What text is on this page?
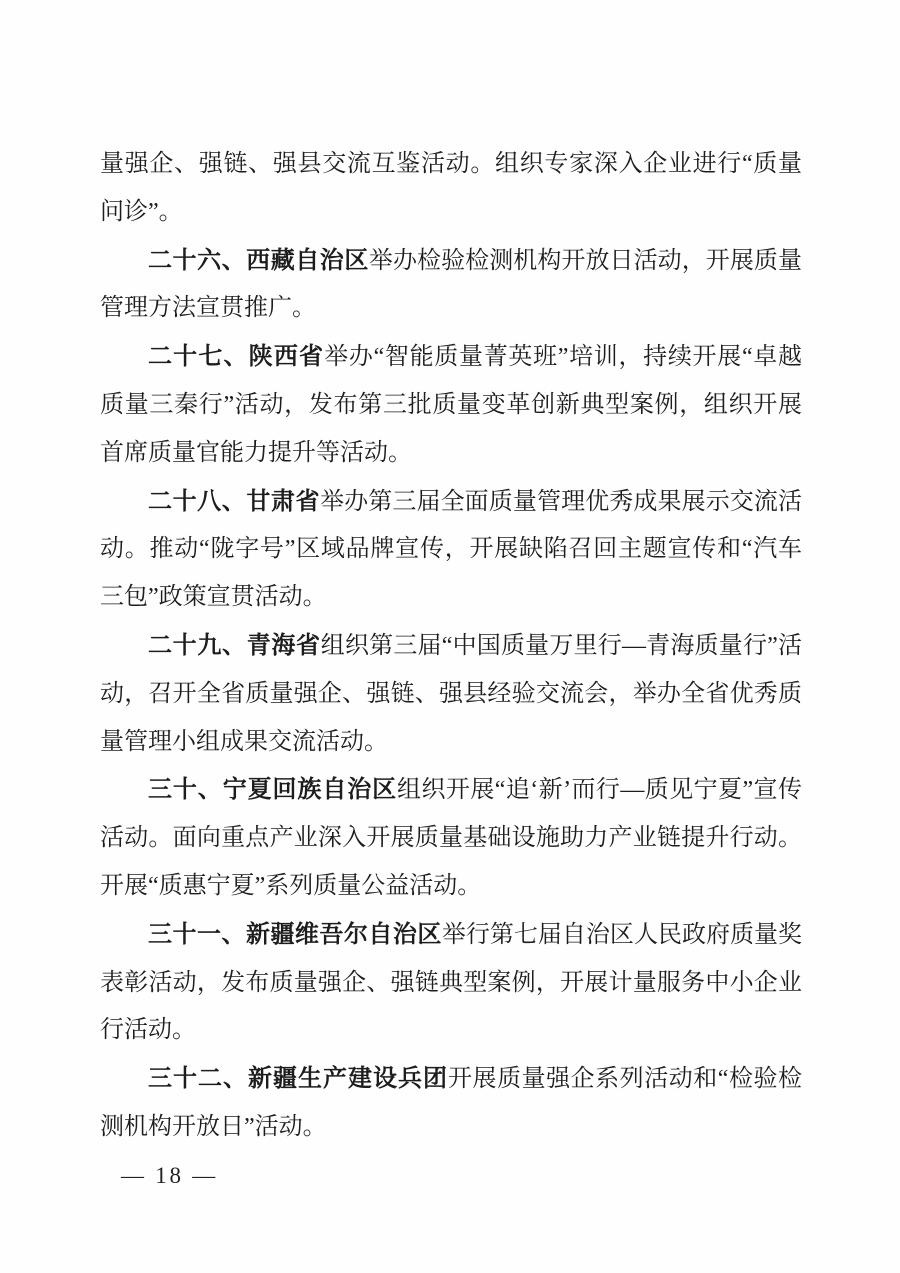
量强企、强链、强县交流互鉴活动。组织专家深入企业进行“质量问诊”。

二十六、西藏自治区举办检验检测机构开放日活动，开展质量管理方法宣贯推广。

二十七、陕西省举办“智能质量菁英班”培训，持续开展“卓越质量三秦行”活动，发布第三批质量变革创新典型案例，组织开展首席质量官能力提升等活动。

二十八、甘肃省举办第三届全面质量管理优秀成果展示交流活动。推动“陇字号”区域品牌宣传，开展缺陷召回主题宣传和“汽车三包”政策宣贯活动。

二十九、青海省组织第三届“中国质量万里行—青海质量行”活动，召开全省质量强企、强链、强县经验交流会，举办全省优秀质量管理小组成果交流活动。

三十、宁夏回族自治区组织开展“追‘新’而行—质见宁夏”宣传活动。面向重点产业深入开展质量基础设施助力产业链提升行动。开展“质惠宁夏”系列质量公益活动。

三十一、新疆维吾尔自治区举行第七届自治区人民政府质量奖表彰活动，发布质量强企、强链典型案例，开展计量服务中小企业行活动。

三十二、新疆生产建设兵团开展质量强企系列活动和“检验检测机构开放日”活动。

— 18 —
